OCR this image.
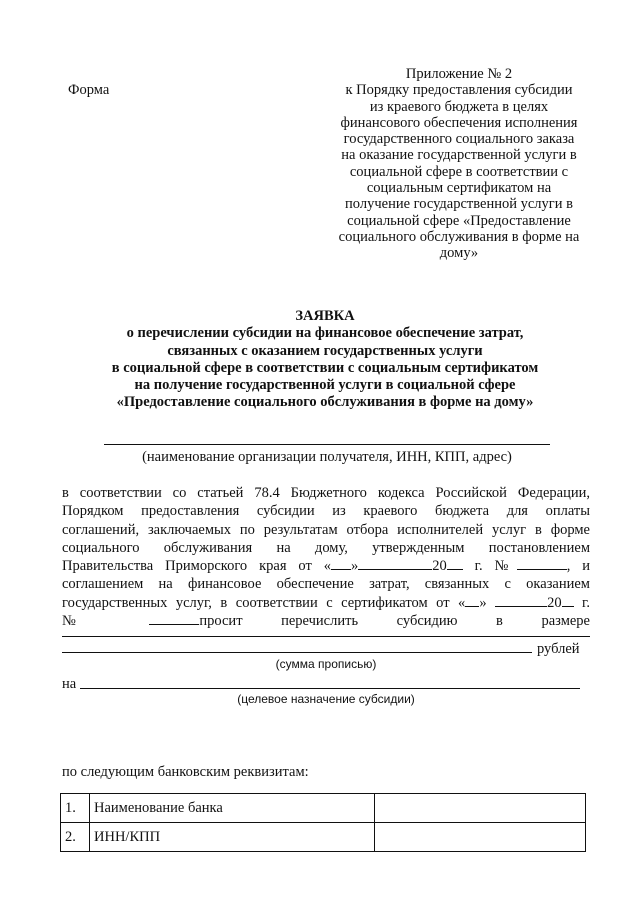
Форма
Приложение № 2
к Порядку предоставления субсидии
из краевого бюджета в целях
финансового обеспечения исполнения
государственного социального заказа
на оказание государственной услуги в
социальной сфере в соответствии с
социальным сертификатом на
получение государственной услуги в
социальной сфере «Предоставление
социального обслуживания в форме на
дому»
ЗАЯВКА
о перечислении субсидии на финансовое обеспечение затрат,
связанных с оказанием государственных услуги
в социальной сфере в соответствии с социальным сертификатом
на получение государственной услуги в социальной сфере
«Предоставление социального обслуживания в форме на дому»
(наименование организации получателя, ИНН, КПП, адрес)
в соответствии со статьей 78.4 Бюджетного кодекса Российской Федерации,
Порядком предоставления субсидии из краевого бюджета для оплаты
соглашений, заключаемых по результатам отбора исполнителей услуг в форме
социального обслуживания на дому, утвержденным постановлением
Правительства Приморского края от « »	20 г. №	, и
соглашением на финансовое обеспечение затрат, связанных с оказанием
государственных услуг, в соответствии с сертификатом от « »	20 г.
№	просит перечислить субсидию в размере
рублей
(сумма прописью)
на
(целевое назначение субсидии)
по следующим банковским реквизитам:
1.	Наименование банка	
2.	ИНН/КПП	
